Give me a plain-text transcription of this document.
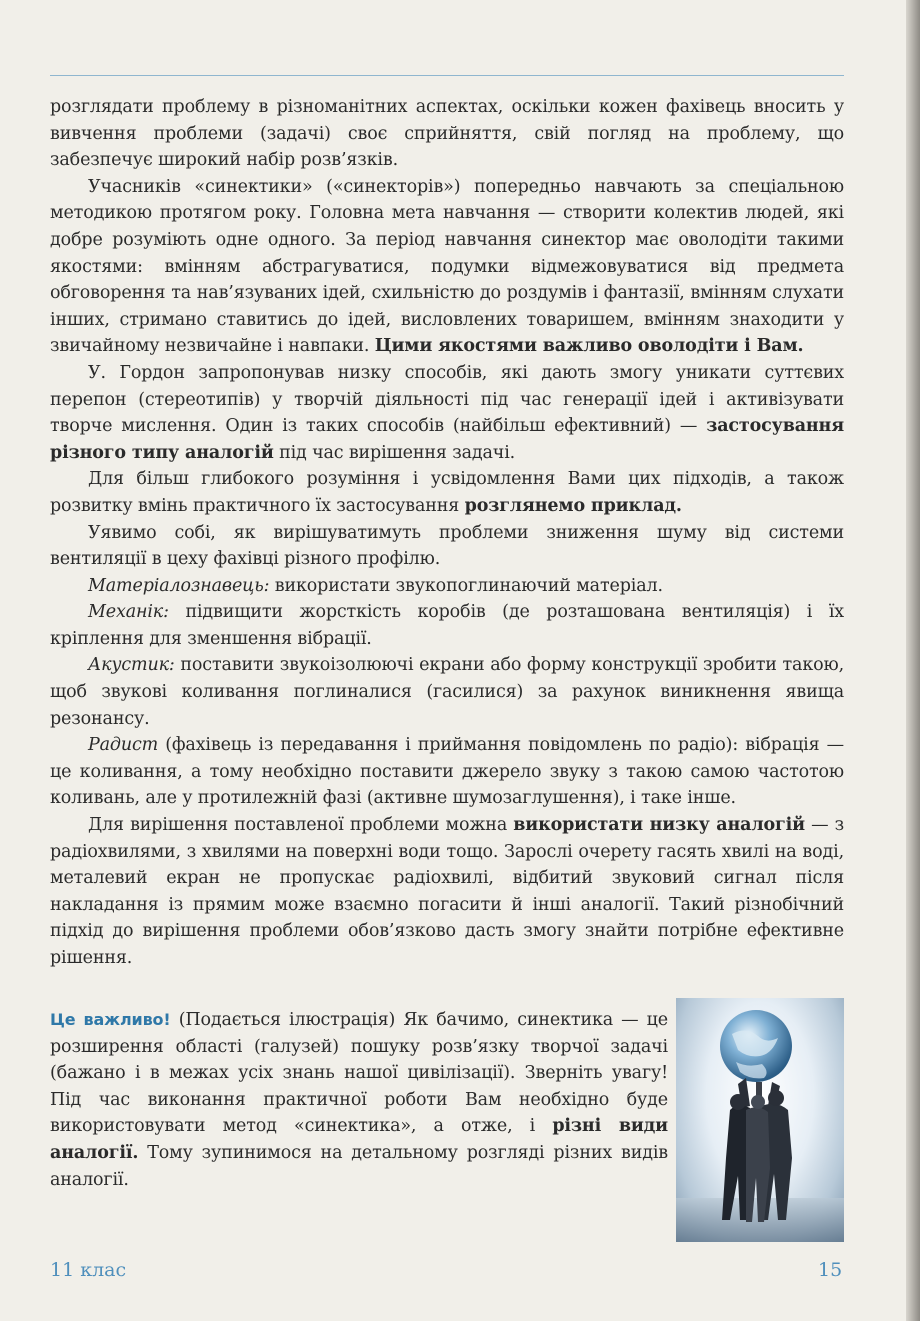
розглядати проблему в різноманітних аспектах, оскільки кожен фахівець вносить у вивчення проблеми (задачі) своє сприйняття, свій погляд на проблему, що забезпечує широкий набір розв’язків.

Учасників «синектики» («синекторів») попередньо навчають за спеціальною методикою протягом року. Головна мета навчання — створити колектив людей, які добре розуміють одне одного. За період навчання синектор має оволодіти такими якостями: вмінням абстрагуватися, подумки відмежовуватися від предмета обговорення та нав’язуваних ідей, схильністю до роздумів і фантазії, вмінням слухати інших, стримано ставитись до ідей, висловлених товаришем, вмінням знаходити у звичайному незвичайне і навпаки. Цими якостями важливо оволодіти і Вам.

У. Гордон запропонував низку способів, які дають змогу уникати суттєвих перепон (стереотипів) у творчій діяльності під час генерації ідей і активізувати творче мислення. Один із таких способів (найбільш ефективний) — застосування різного типу аналогій під час вирішення задачі.

Для більш глибокого розуміння і усвідомлення Вами цих підходів, а також розвитку вмінь практичного їх застосування розглянемо приклад.

Уявимо собі, як вирішуватимуть проблеми зниження шуму від системи вентиляції в цеху фахівці різного профілю.

Матеріалознавець: використати звукопоглинаючий матеріал.

Механік: підвищити жорсткість коробів (де розташована вентиляція) і їх кріплення для зменшення вібрації.

Акустик: поставити звукоізолюючі екрани або форму конструкції зробити такою, щоб звукові коливання поглиналися (гасилися) за рахунок виникнення явища резонансу.

Радист (фахівець із передавання і приймання повідомлень по радіо): вібрація — це коливання, а тому необхідно поставити джерело звуку з такою самою частотою коливань, але у протилежній фазі (активне шумозаглушення), і таке інше.

Для вирішення поставленої проблеми можна використати низку аналогій — з радіохвилями, з хвилями на поверхні води тощо. Зарослі очерету гасять хвилі на воді, металевий екран не пропускає радіохвилі, відбитий звуковий сигнал після накладання із прямим може взаємно погасити й інші аналогії. Такий різнобічний підхід до вирішення проблеми обов’язково дасть змогу знайти потрібне ефективне рішення.

Це важливо! (Подається ілюстрація) Як бачимо, синектика — це розширення області (галузей) пошуку розв’язку творчої задачі (бажано і в межах усіх знань нашої цивілізації). Зверніть увагу! Під час виконання практичної роботи Вам необхідно буде використовувати метод «синектика», а отже, і різні види аналогії. Тому зупинимося на детальному розгляді різних видів аналогії.
11 клас	15
